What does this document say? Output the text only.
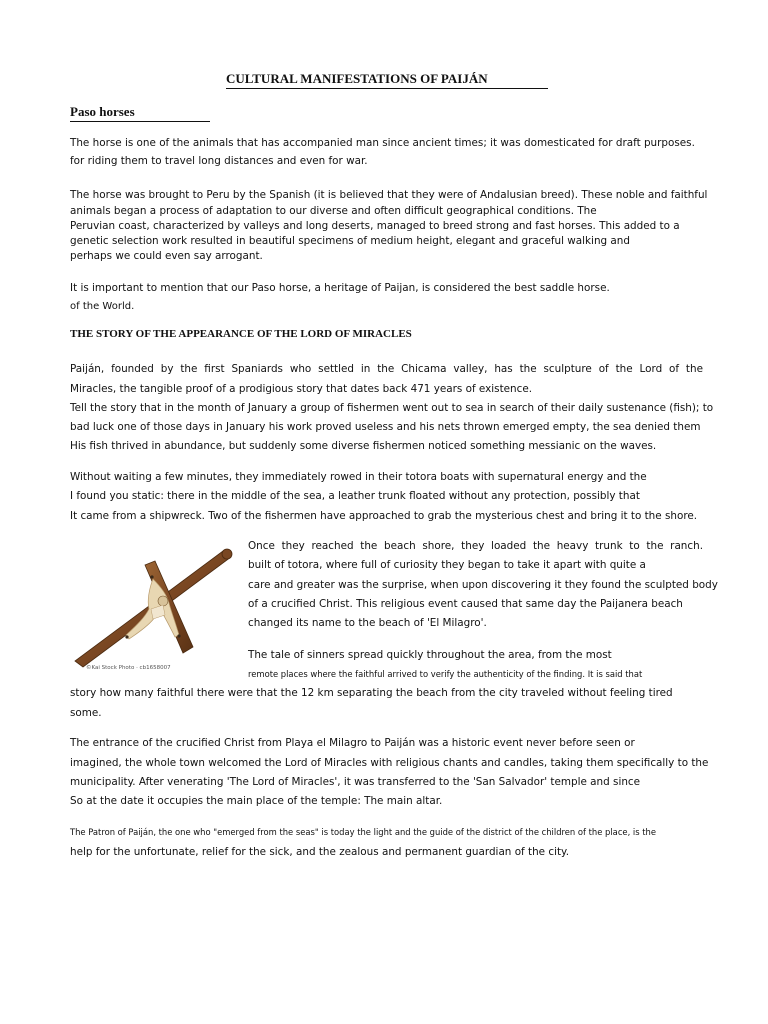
CULTURAL MANIFESTATIONS OF PAIJÁN
Paso horses
The horse is one of the animals that has accompanied man since ancient times; it was domesticated for draft purposes.
for riding them to travel long distances and even for war.
The horse was brought to Peru by the Spanish (it is believed that they were of Andalusian breed). These noble and faithful
animals began a process of adaptation to our diverse and often difficult geographical conditions. The
Peruvian coast, characterized by valleys and long deserts, managed to breed strong and fast horses. This added to a
genetic selection work resulted in beautiful specimens of medium height, elegant and graceful walking and
perhaps we could even say arrogant.
It is important to mention that our Paso horse, a heritage of Paijan, is considered the best saddle horse.
of the World.
THE STORY OF THE APPEARANCE OF THE LORD OF MIRACLES
Paiján, founded by the first Spaniards who settled in the Chicama valley, has the sculpture of the Lord of the
Miracles, the tangible proof of a prodigious story that dates back 471 years of existence.
Tell the story that in the month of January a group of fishermen went out to sea in search of their daily sustenance (fish); to
bad luck one of those days in January his work proved useless and his nets thrown emerged empty, the sea denied them
His fish thrived in abundance, but suddenly some diverse fishermen noticed something messianic on the waves.
Without waiting a few minutes, they immediately rowed in their totora boats with supernatural energy and the
I found you static: there in the middle of the sea, a leather trunk floated without any protection, possibly that
It came from a shipwreck. Two of the fishermen have approached to grab the mysterious chest and bring it to the shore.
©Kai Stock Photo · cb1658007
Once they reached the beach shore, they loaded the heavy trunk to the ranch.
built of totora, where full of curiosity they began to take it apart with quite a
care and greater was the surprise, when upon discovering it they found the sculpted body
of a crucified Christ. This religious event caused that same day the Paijanera beach
changed its name to the beach of 'El Milagro'.
The tale of sinners spread quickly throughout the area, from the most
remote places where the faithful arrived to verify the authenticity of the finding. It is said that
story how many faithful there were that the 12 km separating the beach from the city traveled without feeling tired
some.
The entrance of the crucified Christ from Playa el Milagro to Paiján was a historic event never before seen or
imagined, the whole town welcomed the Lord of Miracles with religious chants and candles, taking them specifically to the
municipality. After venerating 'The Lord of Miracles', it was transferred to the 'San Salvador' temple and since
So at the date it occupies the main place of the temple: The main altar.
The Patron of Paiján, the one who "emerged from the seas" is today the light and the guide of the district of the children of the place, is the
help for the unfortunate, relief for the sick, and the zealous and permanent guardian of the city.
